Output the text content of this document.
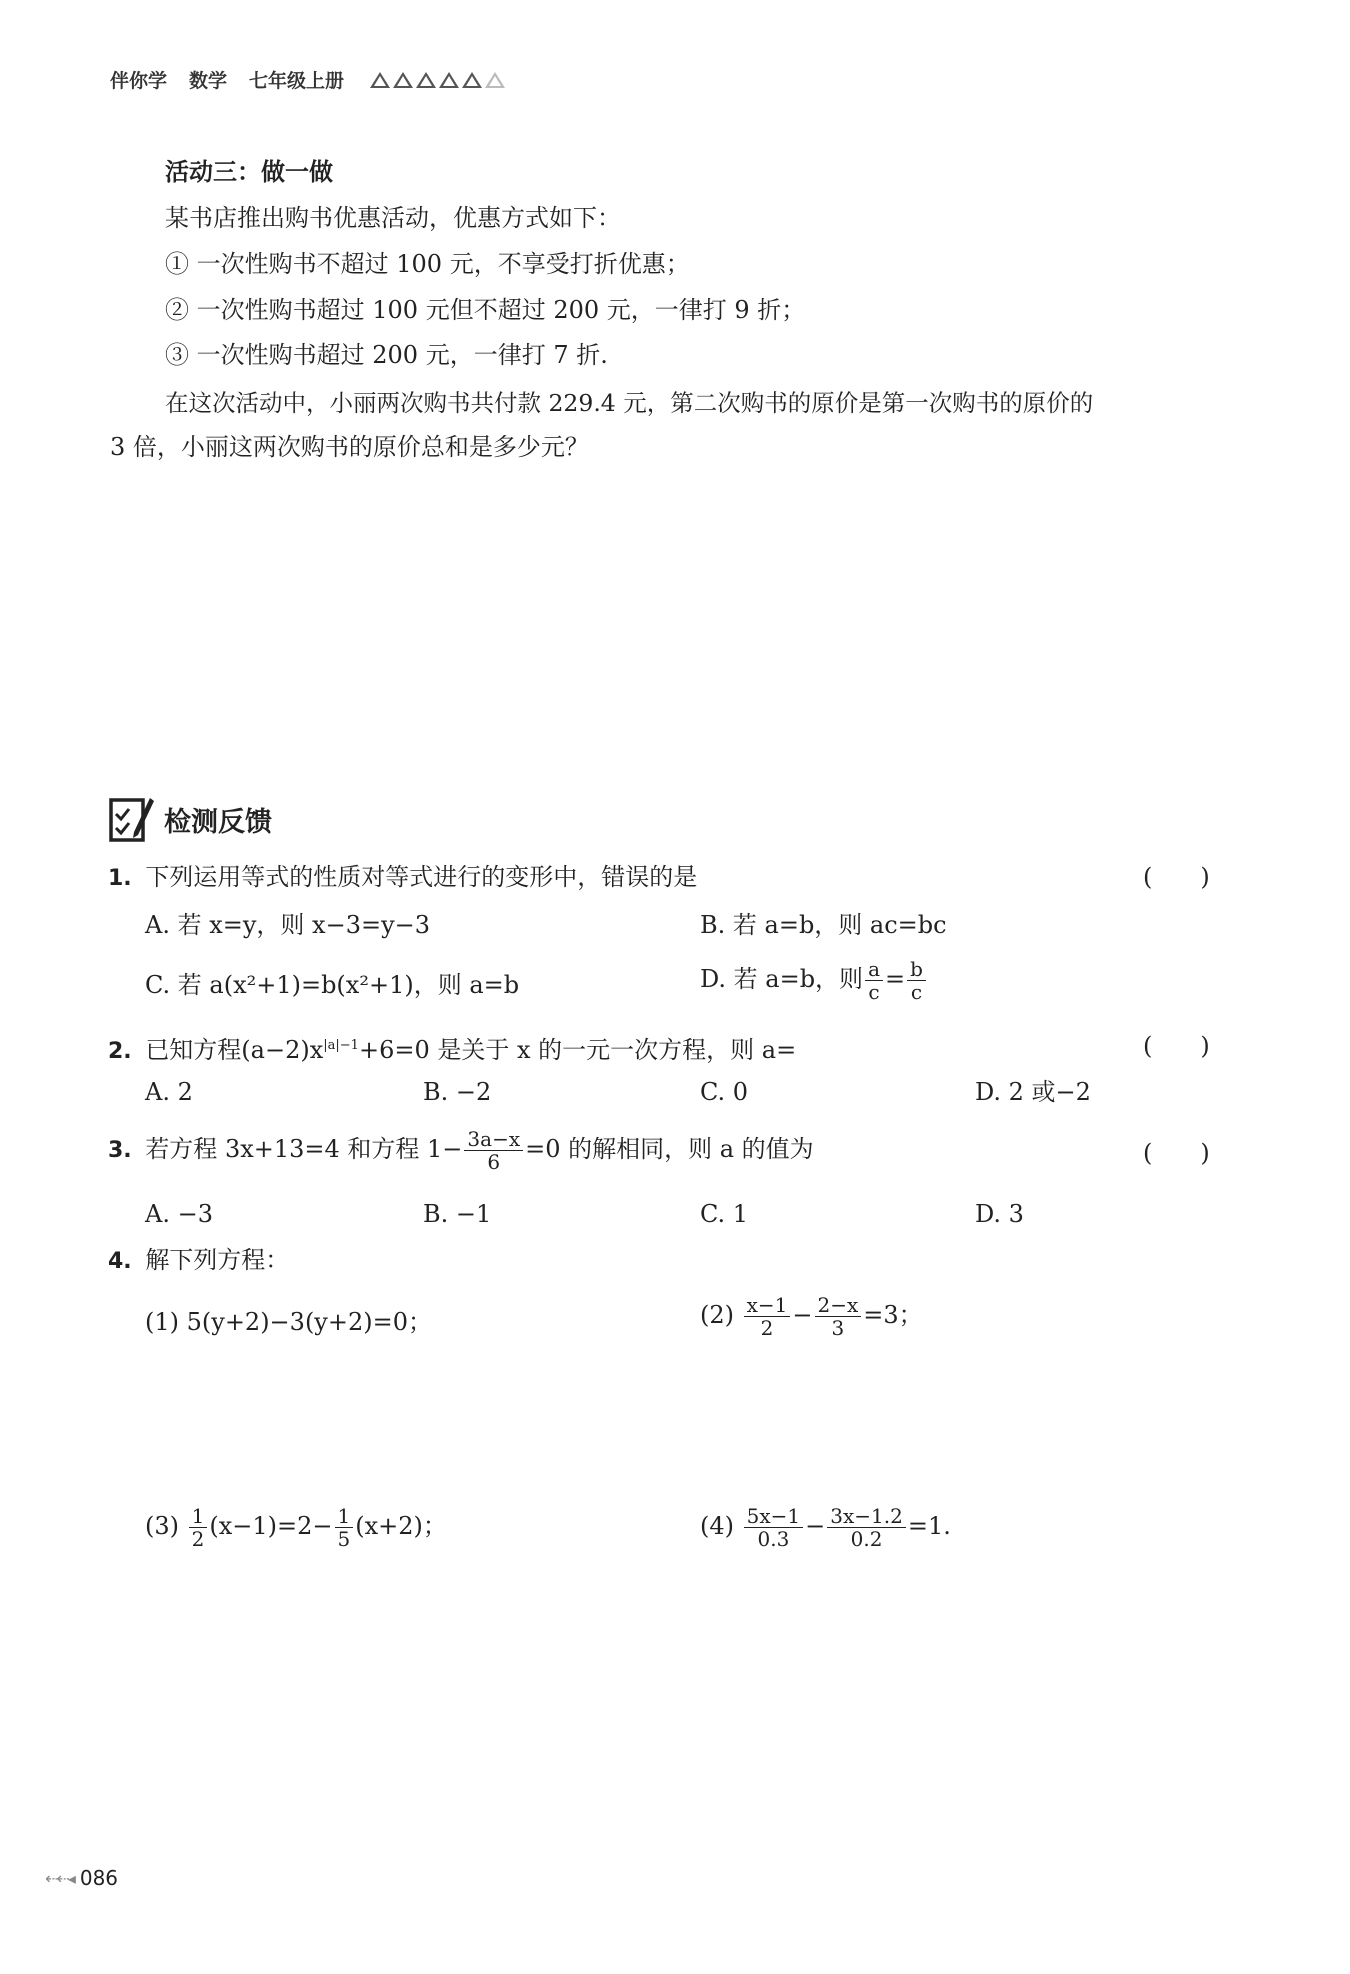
伴你学 数学 七年级上册
活动三：做一做
某书店推出购书优惠活动，优惠方式如下：
① 一次性购书不超过 100 元，不享受打折优惠；
② 一次性购书超过 100 元但不超过 200 元，一律打 9 折；
③ 一次性购书超过 200 元，一律打 7 折.
在这次活动中，小丽两次购书共付款 229.4 元，第二次购书的原价是第一次购书的原价的
3 倍，小丽这两次购书的原价总和是多少元？
检测反馈
1. 下列运用等式的性质对等式进行的变形中，错误的是	(　　)
A. 若 x=y，则 x−3=y−3	B. 若 a=b，则 ac=bc
C. 若 a(x²+1)=b(x²+1)，则 a=b	D. 若 a=b，则 $\frac{a}{c} = \frac{b}{c}$
2. 已知方程$(a-2)x^{|a|-1}+6=0$ 是关于 x 的一元一次方程，则 a=	(　　)
A. 2	B. −2	C. 0	D. 2 或−2
3. 若方程 3x+13=4 和方程 $1- \frac{3a-x}{6} =0$ 的解相同，则 a 的值为	(　　)
A. −3	B. −1	C. 1	D. 3
4. 解下列方程：
(1) 5(y+2)−3(y+2)=0；	$(2) \frac{x-1}{2} - \frac{2-x}{3} =3$；
$(3) \frac{1}{2} (x-1)=2- \frac{1}{5} (x+2)$；	$(4) \frac{5x-1}{0.3} - \frac{3x-1.2}{0.2} =1$.
⇠⇠◂ 086
